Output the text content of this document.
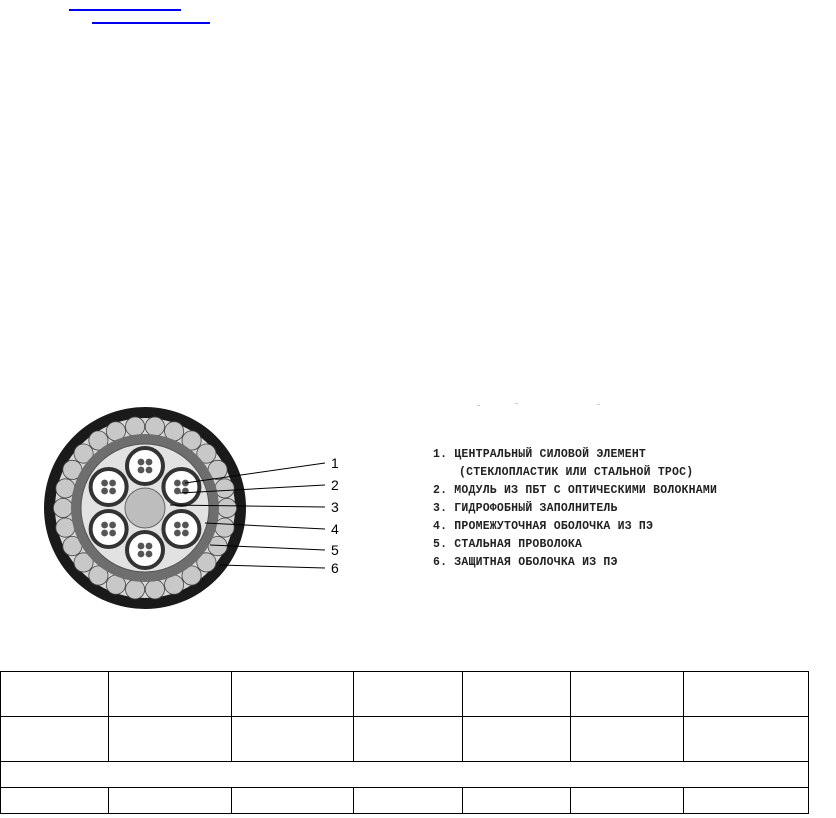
1
2
3
4
5
6
1. ЦЕНТРАЛЬНЫЙ СИЛОВОЙ ЭЛЕМЕНТ
(СТЕКЛОПЛАСТИК ИЛИ СТАЛЬНОЙ ТРОС)
2. МОДУЛЬ ИЗ ПБТ С ОПТИЧЕСКИМИ ВОЛОКНАМИ
3. ГИДРОФОБНЫЙ ЗАПОЛНИТЕЛЬ
4. ПРОМЕЖУТОЧНАЯ ОБОЛОЧКА ИЗ ПЭ
5. СТАЛЬНАЯ ПРОВОЛОКА
6. ЗАЩИТНАЯ ОБОЛОЧКА ИЗ ПЭ
